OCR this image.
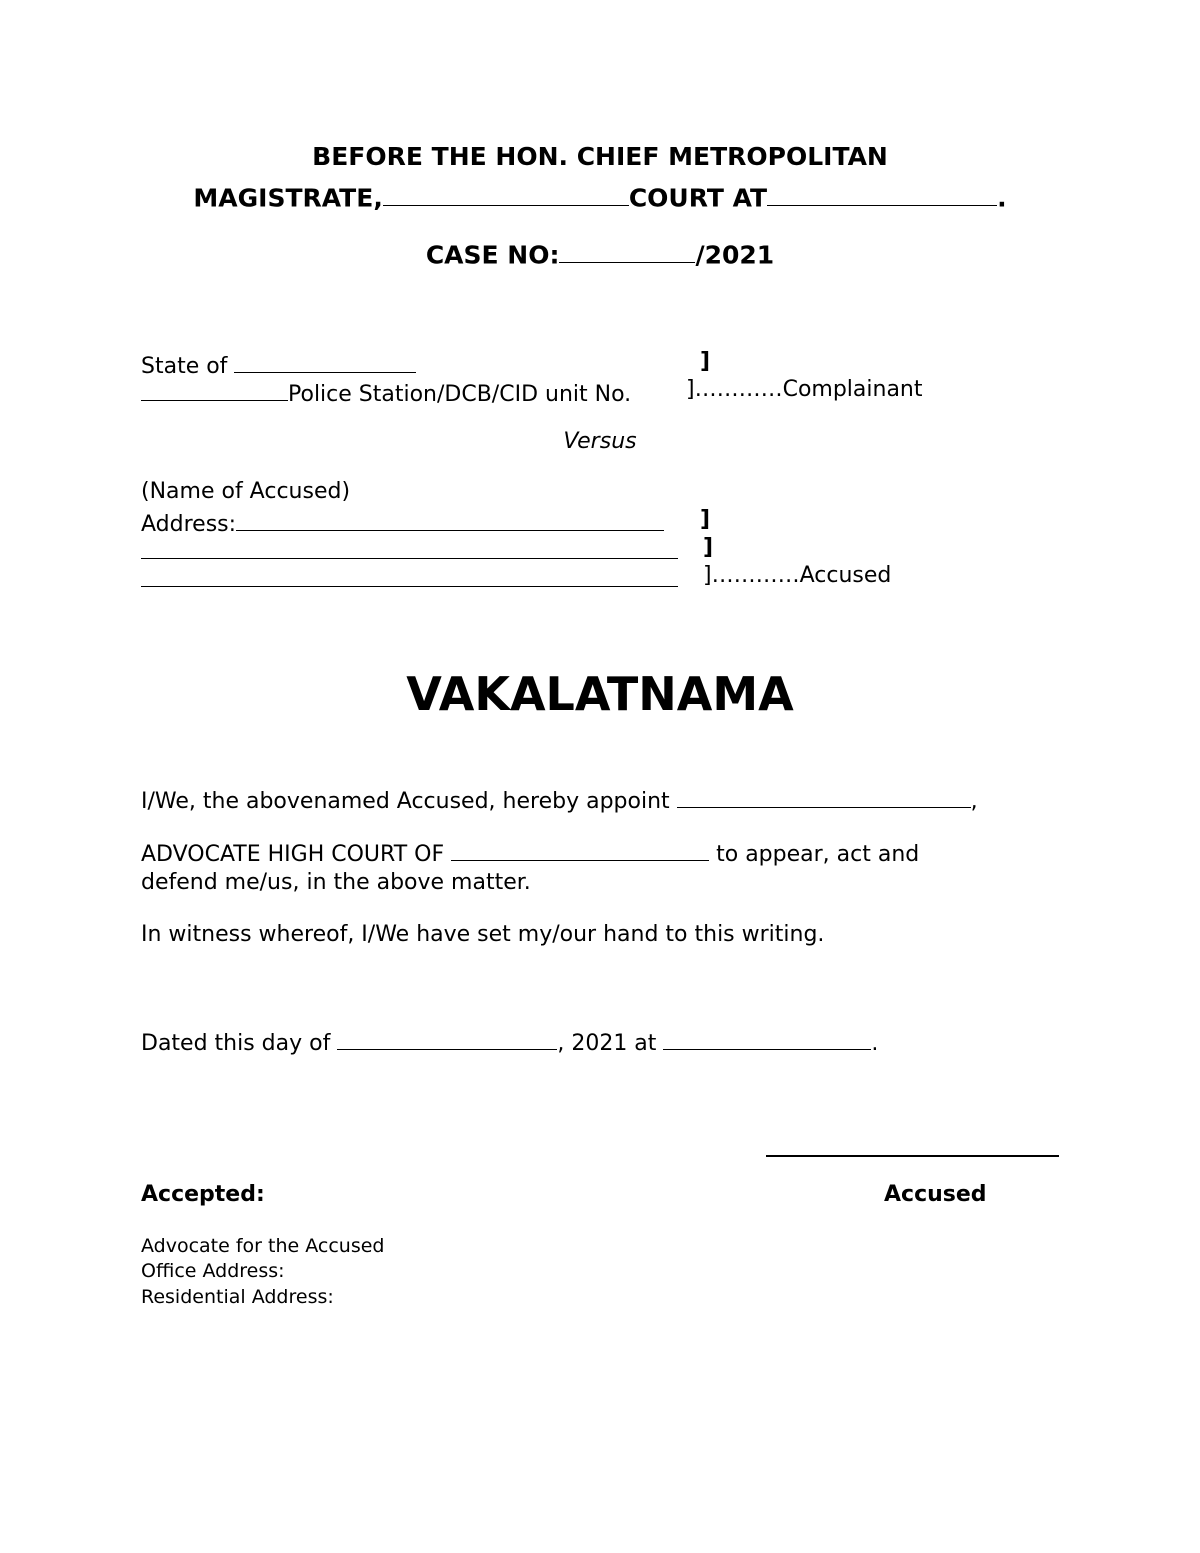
BEFORE THE HON. CHIEF METROPOLITAN
MAGISTRATE,	COURT AT	.
CASE NO:	/2021
State of	]
Police Station/DCB/CID unit No. ]…………Complainant
Versus
(Name of Accused)
Address:	]
]
]…………Accused
VAKALATNAMA
I/We, the abovenamed Accused, hereby appoint	,
ADVOCATE HIGH COURT OF	to appear, act and
defend me/us, in the above matter.
In witness whereof, I/We have set my/our hand to this writing.
Dated this day of	, 2021 at	.
Accepted:	Accused
Advocate for the Accused
Office Address:
Residential Address:
